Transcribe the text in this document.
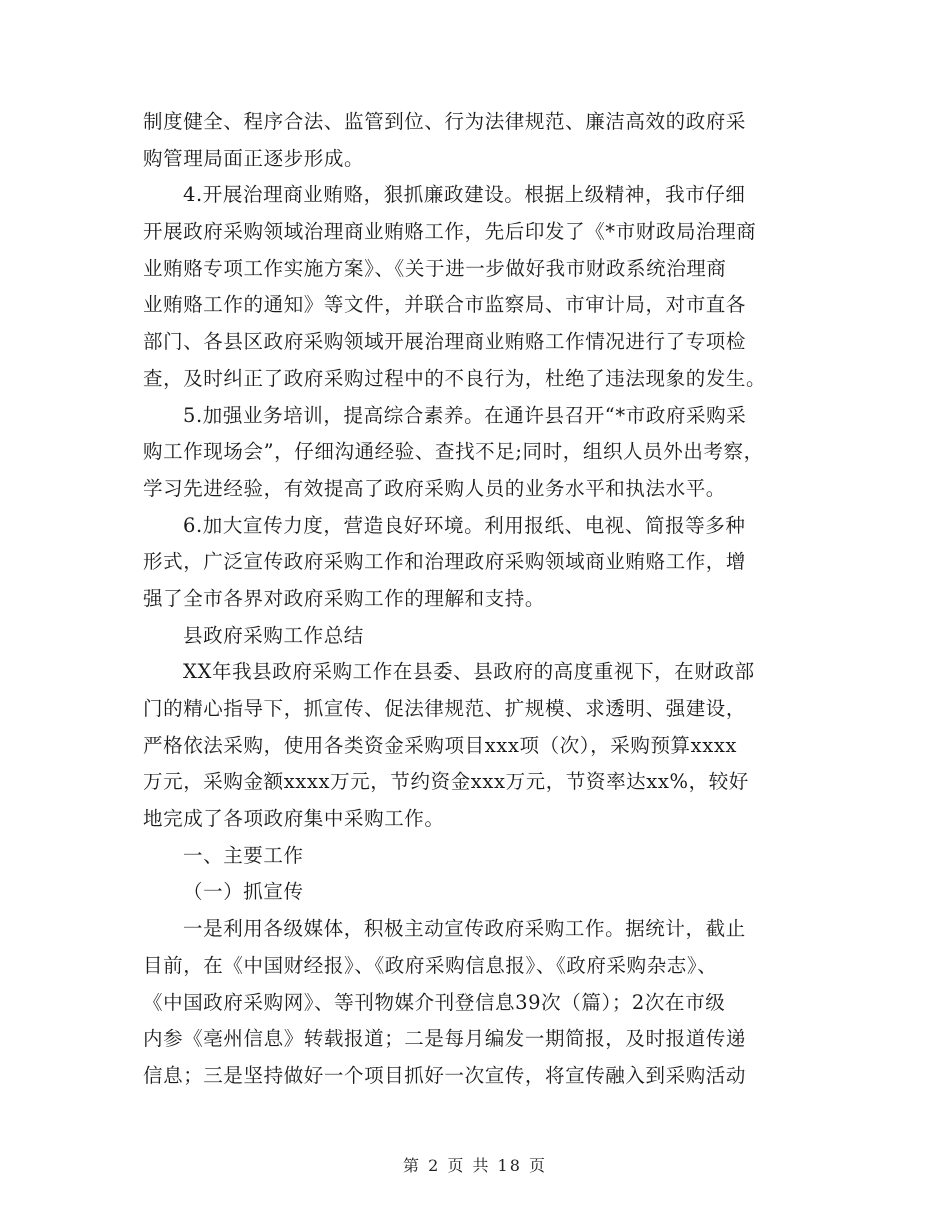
制度健全、程序合法、监管到位、行为法律规范、廉洁高效的政府采
购管理局面正逐步形成。
4.开展治理商业贿赂，狠抓廉政建设。根据上级精神，我市仔细
开展政府采购领域治理商业贿赂工作，先后印发了《*市财政局治理商
业贿赂专项工作实施方案》、《关于进一步做好我市财政系统治理商
业贿赂工作的通知》等文件，并联合市监察局、市审计局，对市直各
部门、各县区政府采购领域开展治理商业贿赂工作情况进行了专项检
查，及时纠正了政府采购过程中的不良行为，杜绝了违法现象的发生。
5.加强业务培训，提高综合素养。在通许县召开“*市政府采购采
购工作现场会”，仔细沟通经验、查找不足;同时，组织人员外出考察，
学习先进经验，有效提高了政府采购人员的业务水平和执法水平。
6.加大宣传力度，营造良好环境。利用报纸、电视、简报等多种
形式，广泛宣传政府采购工作和治理政府采购领域商业贿赂工作，增
强了全市各界对政府采购工作的理解和支持。
县政府采购工作总结
XX年我县政府采购工作在县委、县政府的高度重视下，在财政部
门的精心指导下，抓宣传、促法律规范、扩规模、求透明、强建设，
严格依法采购，使用各类资金采购项目xxx项（次），采购预算xxxx
万元，采购金额xxxx万元，节约资金xxx万元，节资率达xx%，较好
地完成了各项政府集中采购工作。
一、主要工作
（一）抓宣传
一是利用各级媒体，积极主动宣传政府采购工作。据统计，截止
目前，在《中国财经报》、《政府采购信息报》、《政府采购杂志》、
《中国政府采购网》、等刊物媒介刊登信息39次（篇）；2次在市级
内参《亳州信息》转载报道；二是每月编发一期简报，及时报道传递
信息；三是坚持做好一个项目抓好一次宣传，将宣传融入到采购活动
第 2 页 共 18 页
